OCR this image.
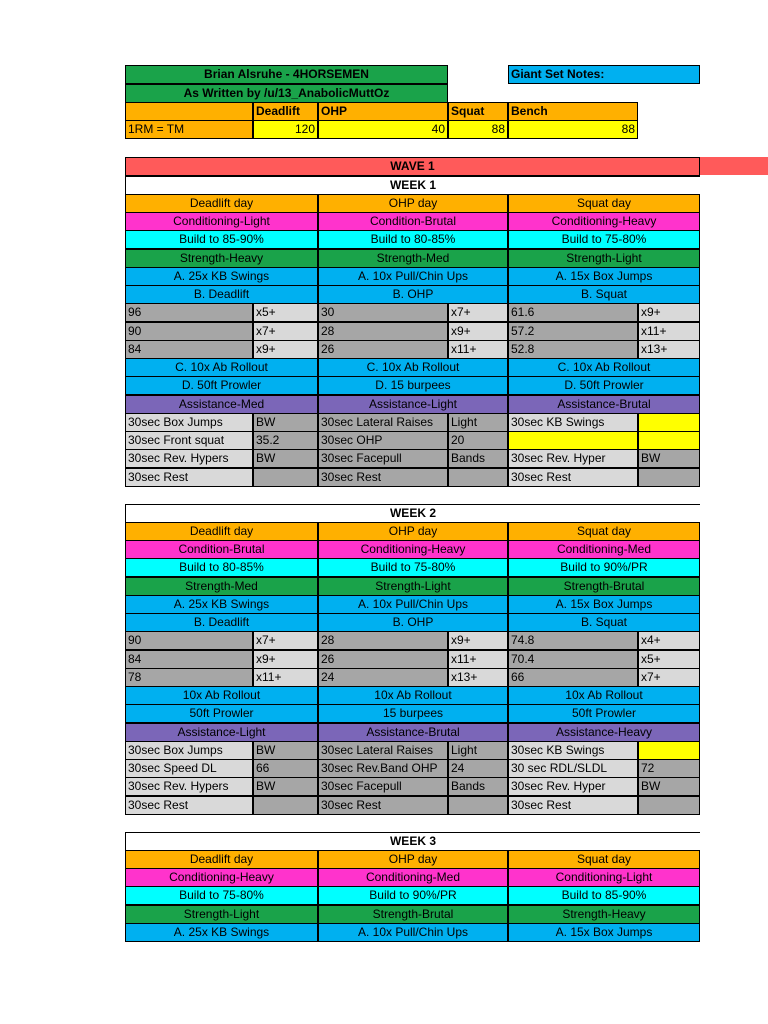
Brian Alsruhe - 4HORSEMEN
As Written by /u/13_AnabolicMuttOz
Giant Set Notes:
Deadlift	OHP	Squat	Bench
1RM = TM	120	40	88	88
WAVE 1
WEEK 1
Deadlift day	OHP day	Squat day
Conditioning-Light	Condition-Brutal	Conditioning-Heavy
Build to 85-90%	Build to 80-85%	Build to 75-80%
Strength-Heavy	Strength-Med	Strength-Light
A. 25x KB Swings	A. 10x Pull/Chin Ups	A. 15x Box Jumps
B. Deadlift	B. OHP	B. Squat
96	x5+	30	x7+	61.6	x9+
90	x7+	28	x9+	57.2	x11+
84	x9+	26	x11+	52.8	x13+
C. 10x Ab Rollout	C. 10x Ab Rollout	C. 10x Ab Rollout
D. 50ft Prowler	D. 15 burpees	D. 50ft Prowler
Assistance-Med	Assistance-Light	Assistance-Brutal
30sec Box Jumps	BW	30sec Lateral Raises	Light	30sec KB Swings
30sec Front squat	35.2	30sec OHP	20
30sec Rev. Hypers	BW	30sec Facepull	Bands	30sec Rev. Hyper	BW
30sec Rest	30sec Rest	30sec Rest
WEEK 2
Deadlift day	OHP day	Squat day
Condition-Brutal	Conditioning-Heavy	Conditioning-Med
Build to 80-85%	Build to 75-80%	Build to 90%/PR
Strength-Med	Strength-Light	Strength-Brutal
A. 25x KB Swings	A. 10x Pull/Chin Ups	A. 15x Box Jumps
B. Deadlift	B. OHP	B. Squat
90	x7+	28	x9+	74.8	x4+
84	x9+	26	x11+	70.4	x5+
78	x11+	24	x13+	66	x7+
10x Ab Rollout	10x Ab Rollout	10x Ab Rollout
50ft Prowler	15 burpees	50ft Prowler
Assistance-Light	Assistance-Brutal	Assistance-Heavy
30sec Box Jumps	BW	30sec Lateral Raises	Light	30sec KB Swings
30sec Speed DL	66	30sec Rev.Band OHP	24	30 sec RDL/SLDL	72
30sec Rev. Hypers	BW	30sec Facepull	Bands	30sec Rev. Hyper	BW
30sec Rest	30sec Rest	30sec Rest
WEEK 3
Deadlift day	OHP day	Squat day
Conditioning-Heavy	Conditioning-Med	Conditioning-Light
Build to 75-80%	Build to 90%/PR	Build to 85-90%
Strength-Light	Strength-Brutal	Strength-Heavy
A. 25x KB Swings	A. 10x Pull/Chin Ups	A. 15x Box Jumps
